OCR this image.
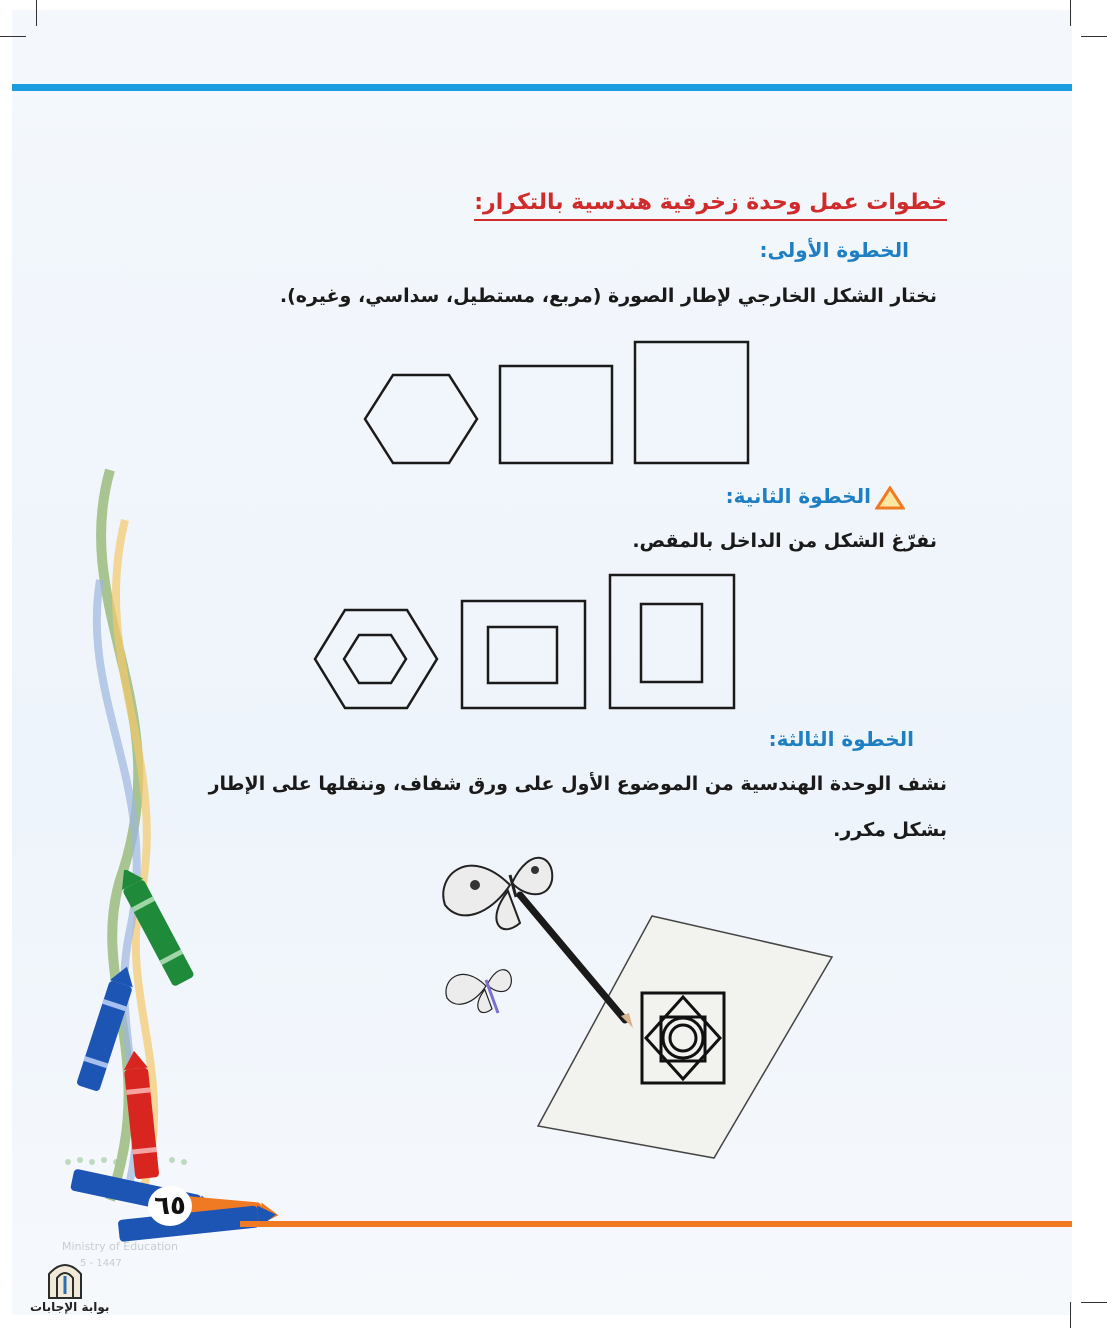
خطوات عمل وحدة زخرفية هندسية بالتكرار:
الخطوة الأولى:
نختار الشكل الخارجي لإطار الصورة (مربع، مستطيل، سداسي، وغيره).
الخطوة الثانية:
نفرّغ الشكل من الداخل بالمقص.
الخطوة الثالثة:
نشف الوحدة الهندسية من الموضوع الأول على ورق شفاف، وننقلها على الإطار
بشكل مكرر.
٦٥
Ministry of Education
5 - 1447
بوابة الإجابات
